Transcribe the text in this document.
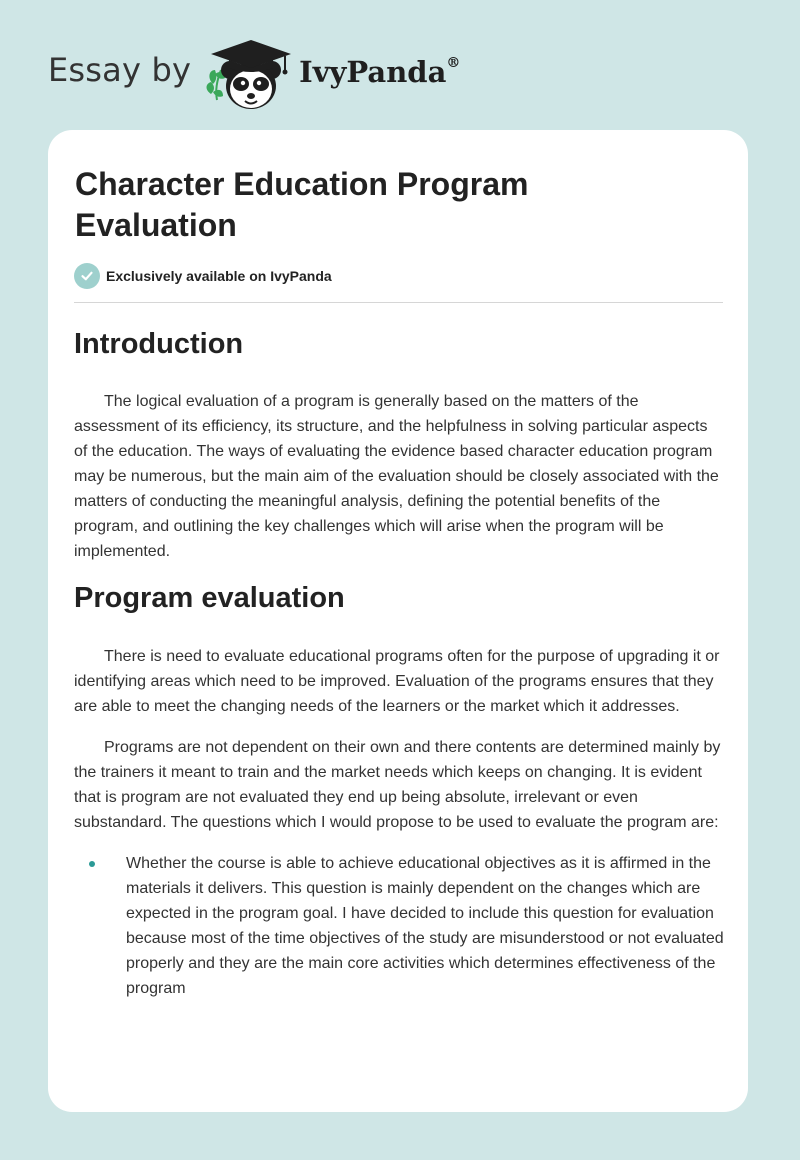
Essay by	IvyPanda®
Character Education Program Evaluation
Exclusively available on IvyPanda
Introduction

The logical evaluation of a program is generally based on the matters of the assessment of its efficiency, its structure, and the helpfulness in solving particular aspects of the education. The ways of evaluating the evidence based character education program may be numerous, but the main aim of the evaluation should be closely associated with the matters of conducting the meaningful analysis, defining the potential benefits of the program, and outlining the key challenges which will arise when the program will be implemented.

Program evaluation

There is need to evaluate educational programs often for the purpose of upgrading it or identifying areas which need to be improved. Evaluation of the programs ensures that they are able to meet the changing needs of the learners or the market which it addresses.

Programs are not dependent on their own and there contents are determined mainly by the trainers it meant to train and the market needs which keeps on changing. It is evident that is program are not evaluated they end up being absolute, irrelevant or even substandard. The questions which I would propose to be used to evaluate the program are:

Whether the course is able to achieve educational objectives as it is affirmed in the materials it delivers. This question is mainly dependent on the changes which are expected in the program goal. I have decided to include this question for evaluation because most of the time objectives of the study are misunderstood or not evaluated properly and they are the main core activities which determines effectiveness of the program
